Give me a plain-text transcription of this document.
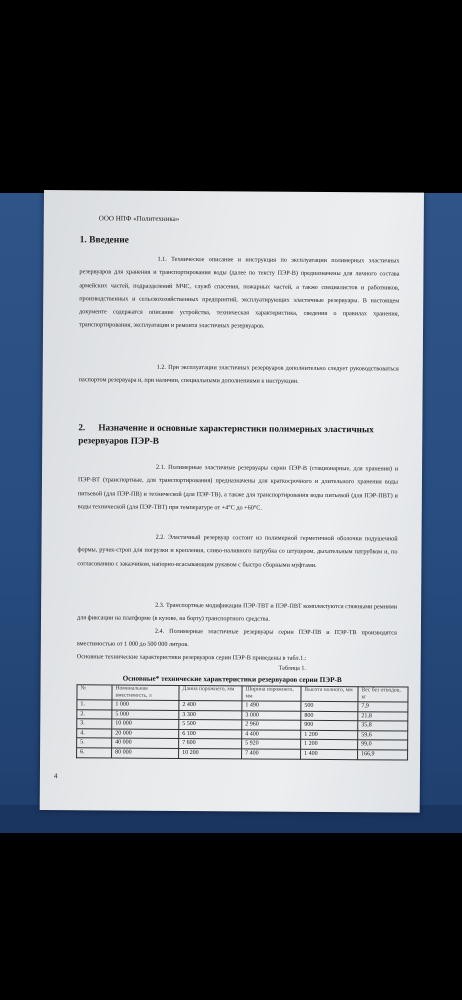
ООО НПФ «Политехника»
1. Введение
1.1. Техническое описание и инструкция по эксплуатации полимерных эластичных резервуаров для хранения и транспортирования воды (далее по тексту ПЭР-В) предназначены для личного состава армейских частей, подразделений МЧС, служб спасения, пожарных частей, а также специалистов и работников, производственных и сельскохозяйственных предприятий, эксплуатирующих эластичные резервуары. В настоящем документе содержатся описание устройства, техническая характеристика, сведения о правилах хранения, транспортирования, эксплуатации и ремонта эластичных резервуаров.
1.2. При эксплуатации эластичных резервуаров дополнительно следует руководствоваться паспортом резервуара и, при наличии, специальными дополнениями к инструкции.
2. Назначение и основные характеристики полимерных эластичных резервуаров ПЭР-В
2.1. Полимерные эластичные резервуары серии ПЭР-В (стационарные, для хранения) и ПЭР-ВТ (транспортные, для транспортирования) предназначены для краткосрочного и длительного хранения воды питьевой (для ПЭР-ПВ) и технической (для ПЭР-ТВ), а также для транспортирования воды питьевой (для ПЭР-ПВТ) и воды технической (для ПЭР-ТВТ) при температуре от +4°С до +60°С.
2.2. Эластичный резервуар состоит из полимерной герметичной оболочки подушечной формы, ручек-строп для погрузки и крепления, сливо-наливного патрубка со штуцером, дыхательным патрубком и, по согласованию с заказчиком, напорно-всасывающим рукавом с быстро сборными муфтами.
2.3. Транспортные модификации ПЭР-ТВТ и ПЭР-ПВТ комплектуются стяжными ремнями для фиксации на платформе (в кузове, на борту) транспортного средства.
2.4. Полимерные эластичные резервуары серии ПЭР-ПВ и ПЭР-ТВ производятся вместимостью от 1 000 до 500 000 литров.
Основные технические характеристики резервуаров серии ПЭР-В приведены в табл.1.:
Таблица 1.
Основные* технические характеристики резервуаров серии ПЭР-В
№	Номинальная вместимость, л	Длина порожнего, мм	Ширина порожнего, мм	Высота полного, мм	Вес без отводов, кг
1.	1 000	2 400	1 490	500	7,9
2.	5 000	3 300	3 000	800	21,8
3.	10 000	5 500	2 960	900	35,8
4.	20 000	6 100	4 400	1 200	59,6
5.	40 000	7 600	5 920	1 200	99,0
6.	80 000	10 200	7 400	1 400	166,9
4
